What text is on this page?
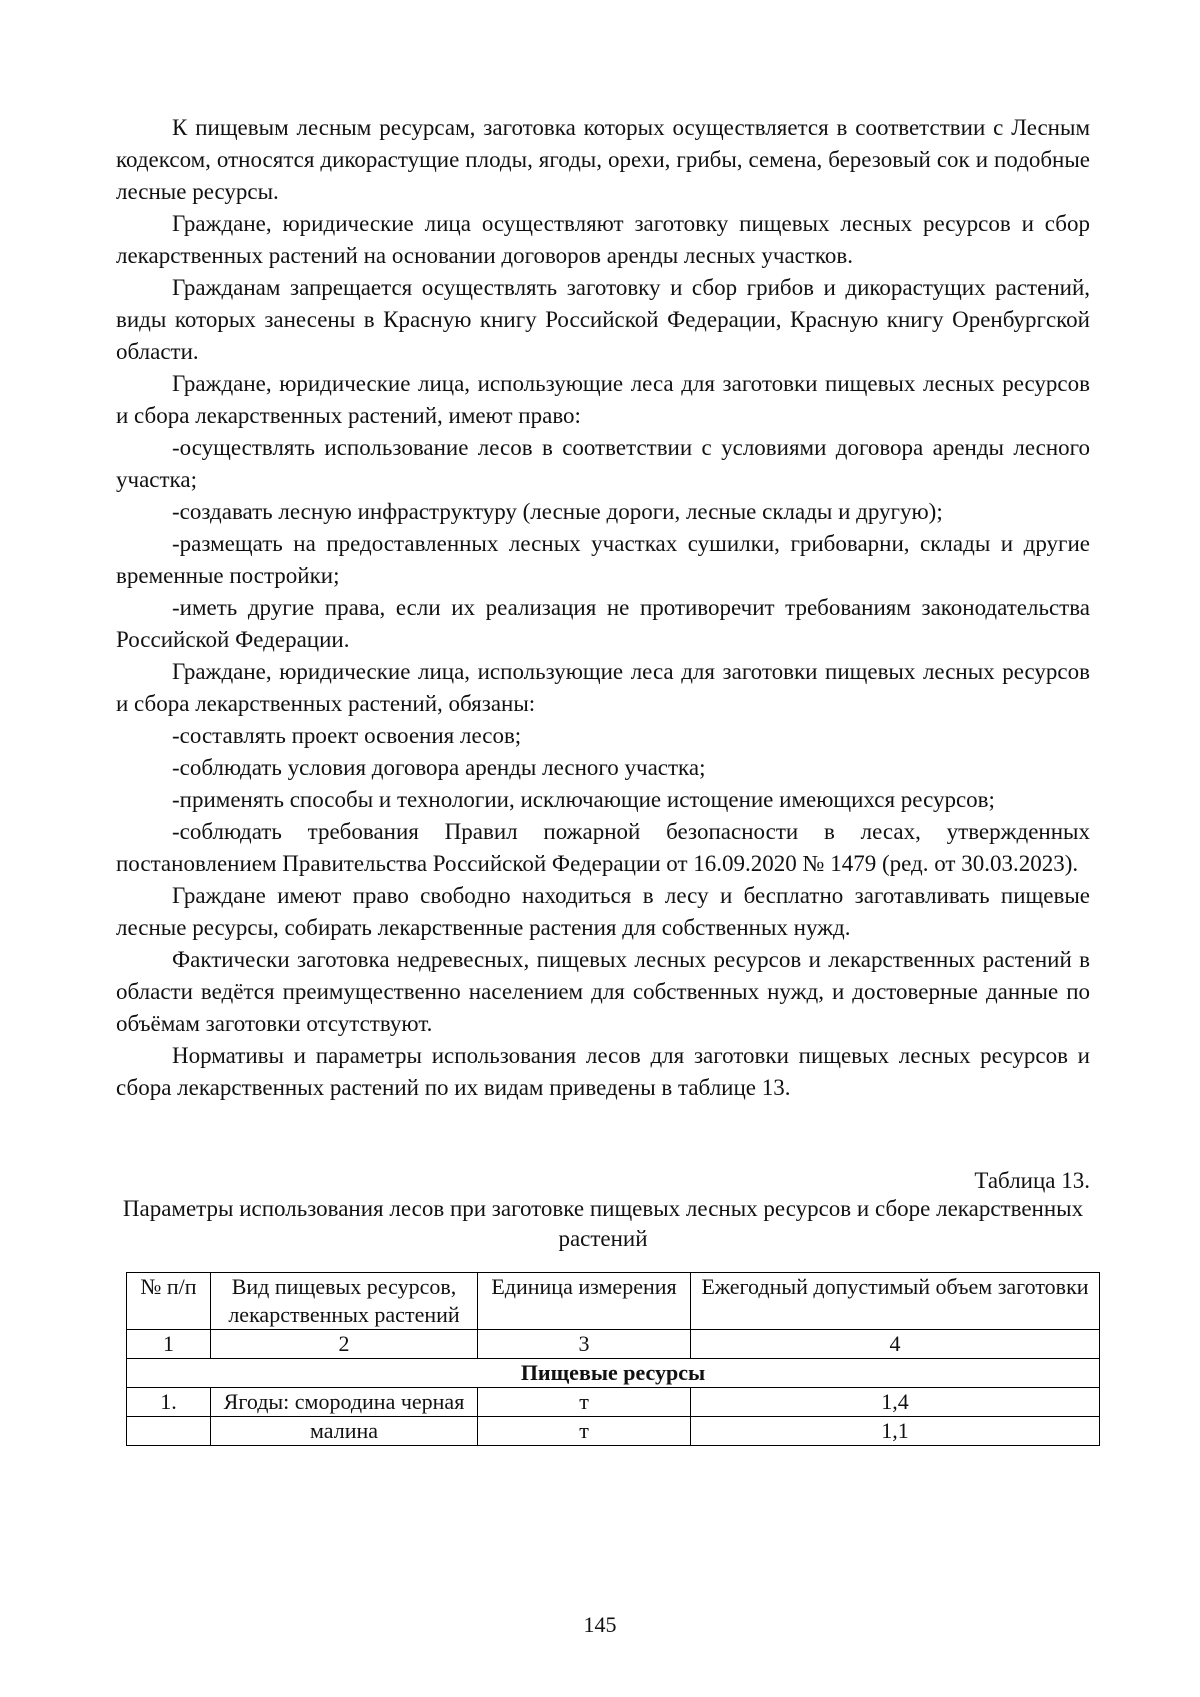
К пищевым лесным ресурсам, заготовка которых осуществляется в соответствии с Лесным кодексом, относятся дикорастущие плоды, ягоды, орехи, грибы, семена, березовый сок и подобные лесные ресурсы.

Граждане, юридические лица осуществляют заготовку пищевых лесных ресурсов и сбор лекарственных растений на основании договоров аренды лесных участков.

Гражданам запрещается осуществлять заготовку и сбор грибов и дикорастущих растений, виды которых занесены в Красную книгу Российской Федерации, Красную книгу Оренбургской области.

Граждане, юридические лица, использующие леса для заготовки пищевых лесных ресурсов и сбора лекарственных растений, имеют право:

-осуществлять использование лесов в соответствии с условиями договора аренды лесного участка;

-создавать лесную инфраструктуру (лесные дороги, лесные склады и другую);

-размещать на предоставленных лесных участках сушилки, грибоварни, склады и другие временные постройки;

-иметь другие права, если их реализация не противоречит требованиям законодательства Российской Федерации.

Граждане, юридические лица, использующие леса для заготовки пищевых лесных ресурсов и сбора лекарственных растений, обязаны:

-составлять проект освоения лесов;

-соблюдать условия договора аренды лесного участка;

-применять способы и технологии, исключающие истощение имеющихся ресурсов;

-соблюдать требования Правил пожарной безопасности в лесах, утвержденных постановлением Правительства Российской Федерации от 16.09.2020 № 1479 (ред. от 30.03.2023).

Граждане имеют право свободно находиться в лесу и бесплатно заготавливать пищевые лесные ресурсы, собирать лекарственные растения для собственных нужд.

Фактически заготовка недревесных, пищевых лесных ресурсов и лекарственных растений в области ведётся преимущественно населением для собственных нужд, и достоверные данные по объёмам заготовки отсутствуют.

Нормативы и параметры использования лесов для заготовки пищевых лесных ресурсов и сбора лекарственных растений по их видам приведены в таблице 13.

Таблица 13.
Параметры использования лесов при заготовке пищевых лесных ресурсов и сборе лекарственных растений
№ п/п	Вид пищевых ресурсов, лекарственных растений	Единица измерения	Ежегодный допустимый объем заготовки
1	2	3	4
Пищевые ресурсы			
1.	Ягоды: смородина черная	т	1,4
	малина	т	1,1
145
